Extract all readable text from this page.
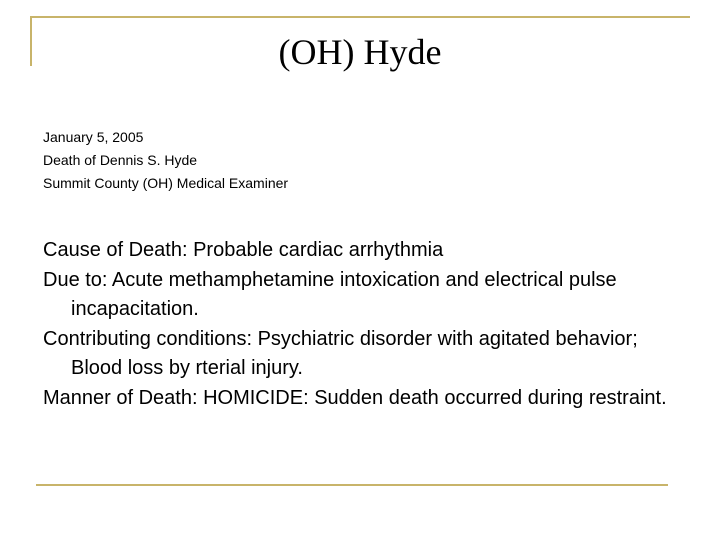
(OH) Hyde
January 5, 2005
Death of Dennis S. Hyde
Summit County (OH) Medical Examiner
Cause of Death: Probable cardiac arrhythmia
Due to: Acute methamphetamine intoxication and electrical pulse incapacitation.
Contributing conditions: Psychiatric disorder with agitated behavior; Blood loss by rterial injury.
Manner of Death: HOMICIDE: Sudden death occurred during restraint.
